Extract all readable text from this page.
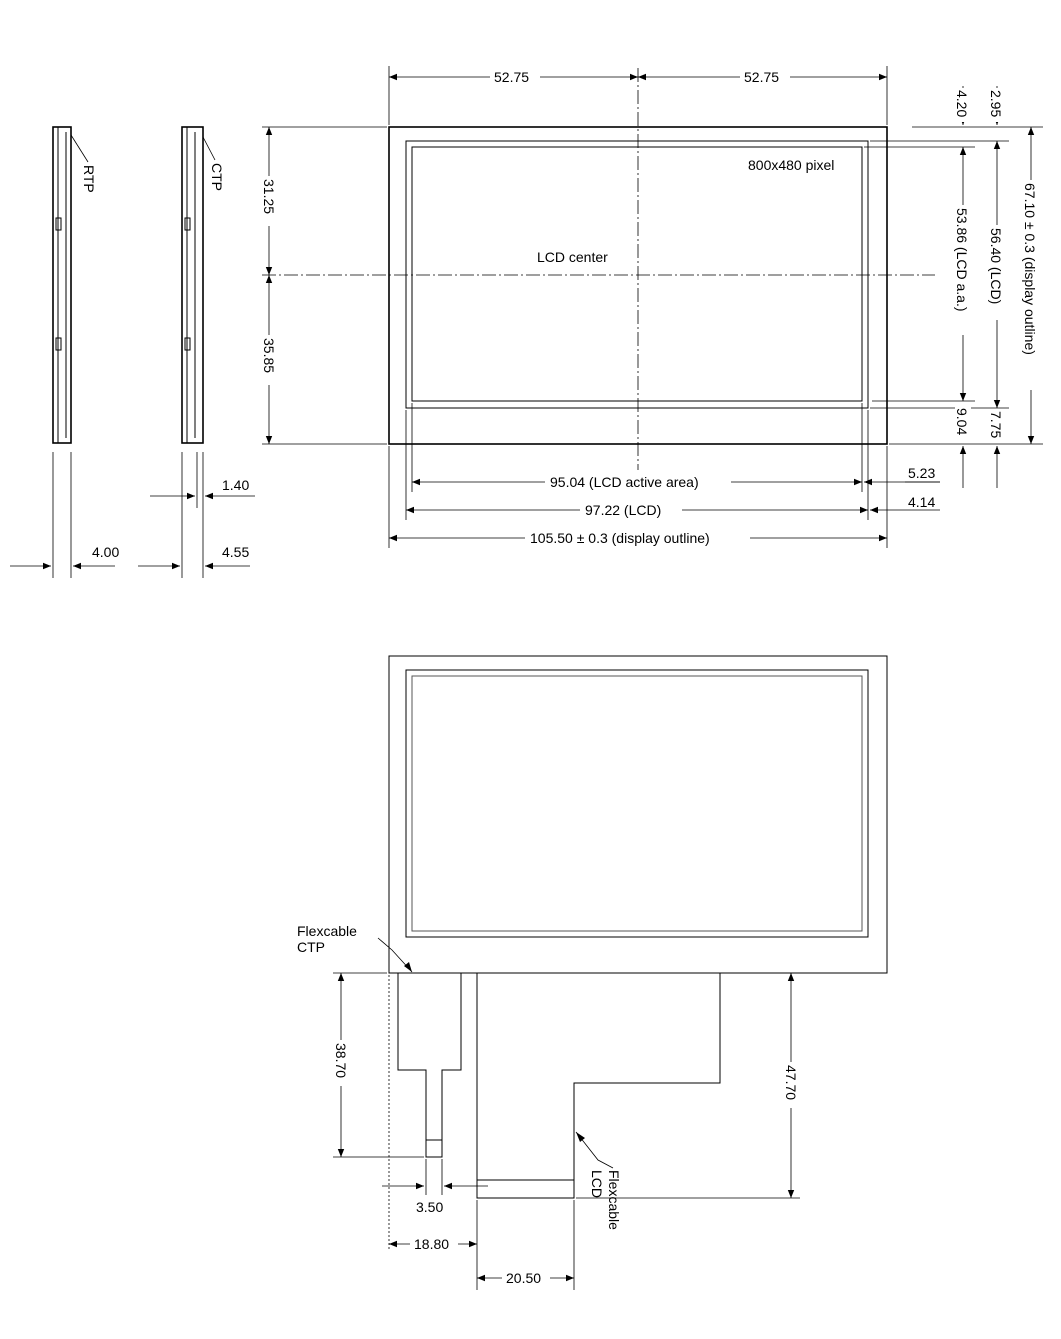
800x480 pixel
LCD center
52.75	52.75
31.25
35.85
95.04 (LCD active area)
97.22 (LCD)
105.50 ± 0.3 (display outline)
5.23
4.14
4.20 2.95
53.86 (LCD a.a.) 56.40 (LCD) 67.10 ± 0.3 (display outline)
9.04 7.75
RTP
4.00
CTP
1.40
4.55
Flexcable
CTP
Flexcable
LCD
38.70
47.70
3.50
18.80
20.50
